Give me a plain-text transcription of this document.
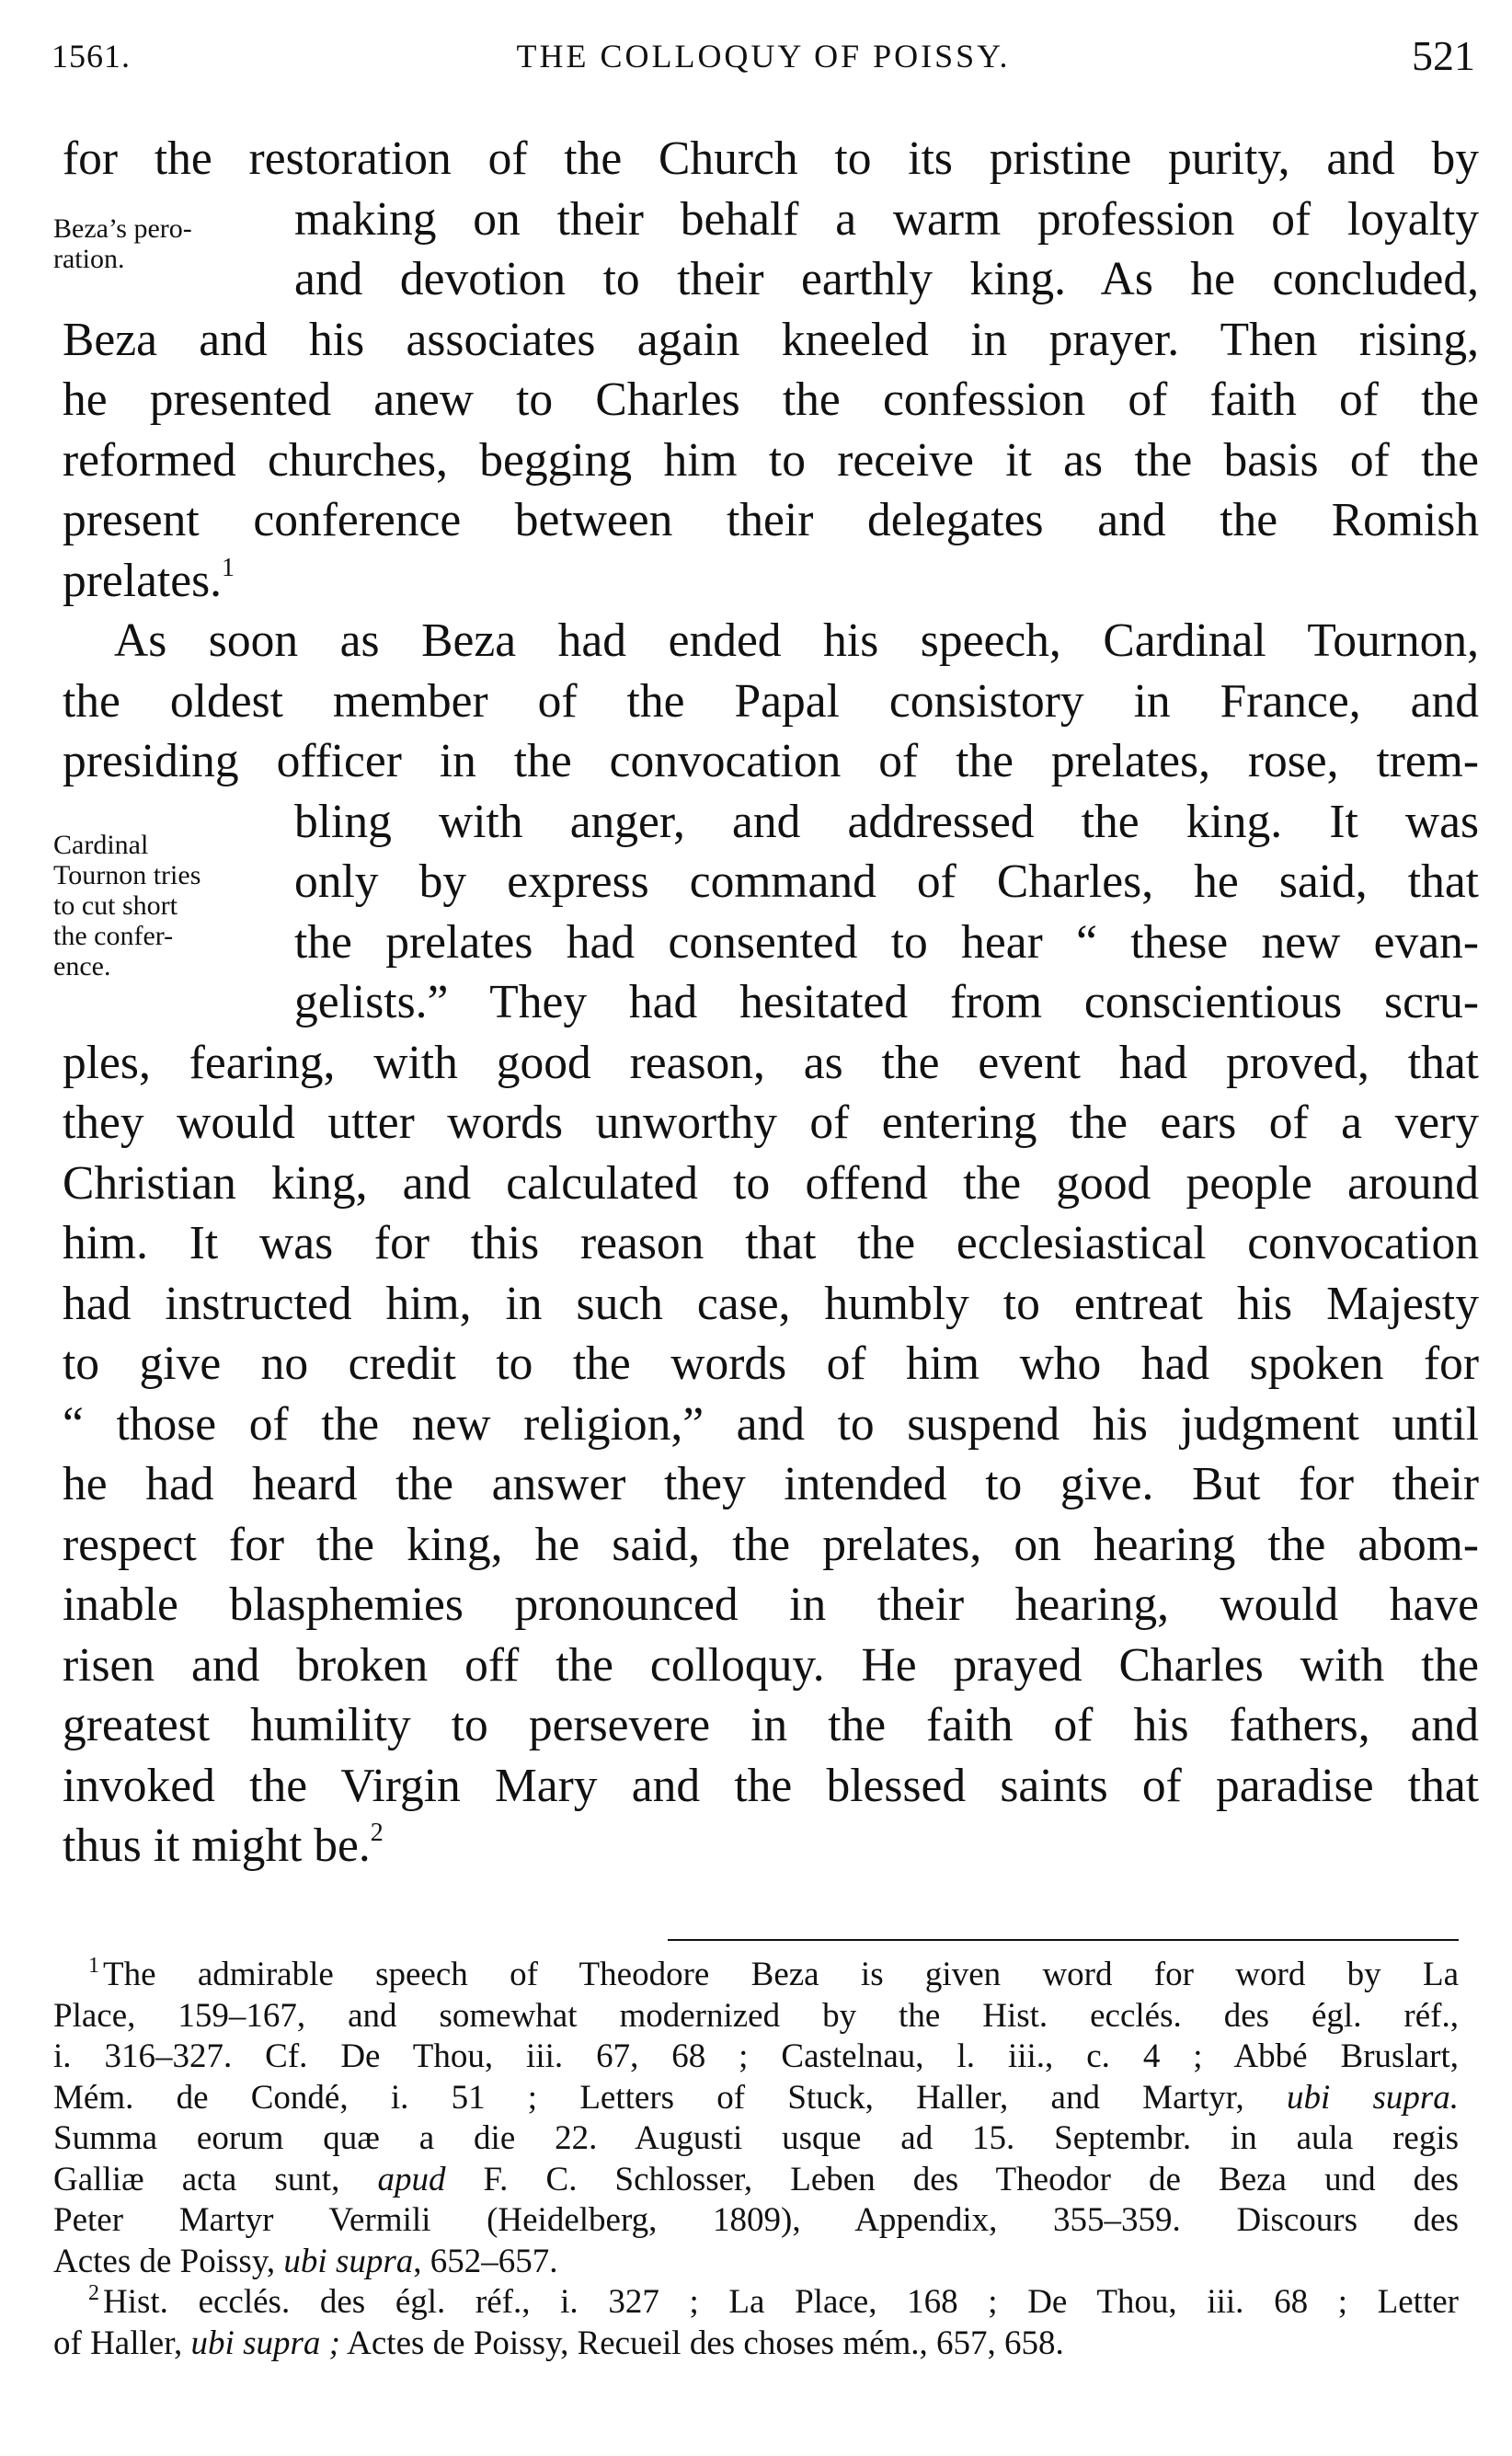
1561.	THE COLLOQUY OF POISSY.	521
Beza’s pero-
ration.
Cardinal
Tournon tries
to cut short
the confer-
ence.
for the restoration of the Church to its pristine purity, and by
making on their behalf a warm profession of loyalty
and devotion to their earthly king. As he concluded,
Beza and his associates again kneeled in prayer. Then rising,
he presented anew to Charles the confession of faith of the
reformed churches, begging him to receive it as the basis of the
present conference between their delegates and the Romish
prelates.$^1$
As soon as Beza had ended his speech, Cardinal Tournon,
the oldest member of the Papal consistory in France, and
presiding officer in the convocation of the prelates, rose, trem-
bling with anger, and addressed the king. It was
only by express command of Charles, he said, that
the prelates had consented to hear “ these new evan-
gelists.” They had hesitated from conscientious scru-
ples, fearing, with good reason, as the event had proved, that
they would utter words unworthy of entering the ears of a very
Christian king, and calculated to offend the good people around
him. It was for this reason that the ecclesiastical convocation
had instructed him, in such case, humbly to entreat his Majesty
to give no credit to the words of him who had spoken for
“ those of the new religion,” and to suspend his judgment until
he had heard the answer they intended to give. But for their
respect for the king, he said, the prelates, on hearing the abom-
inable blasphemies pronounced in their hearing, would have
risen and broken off the colloquy. He prayed Charles with the
greatest humility to persevere in the faith of his fathers, and
invoked the Virgin Mary and the blessed saints of paradise that
thus it might be.$^2$
$^1$ The admirable speech of Theodore Beza is given word for word by La
Place, 159–167, and somewhat modernized by the Hist. ecclés. des égl. réf.,
i. 316–327. Cf. De Thou, iii. 67, 68 ; Castelnau, l. iii., c. 4 ; Abbé Bruslart,
Mém. de Condé, i. 51 ; Letters of Stuck, Haller, and Martyr, ubi supra.
Summa eorum quæ a die 22. Augusti usque ad 15. Septembr. in aula regis
Galliæ acta sunt, apud F. C. Schlosser, Leben des Theodor de Beza und des
Peter Martyr Vermili (Heidelberg, 1809), Appendix, 355–359. Discours des
Actes de Poissy, ubi supra, 652–657.
$^2$ Hist. ecclés. des égl. réf., i. 327 ; La Place, 168 ; De Thou, iii. 68 ; Letter
of Haller, ubi supra ; Actes de Poissy, Recueil des choses mém., 657, 658.
